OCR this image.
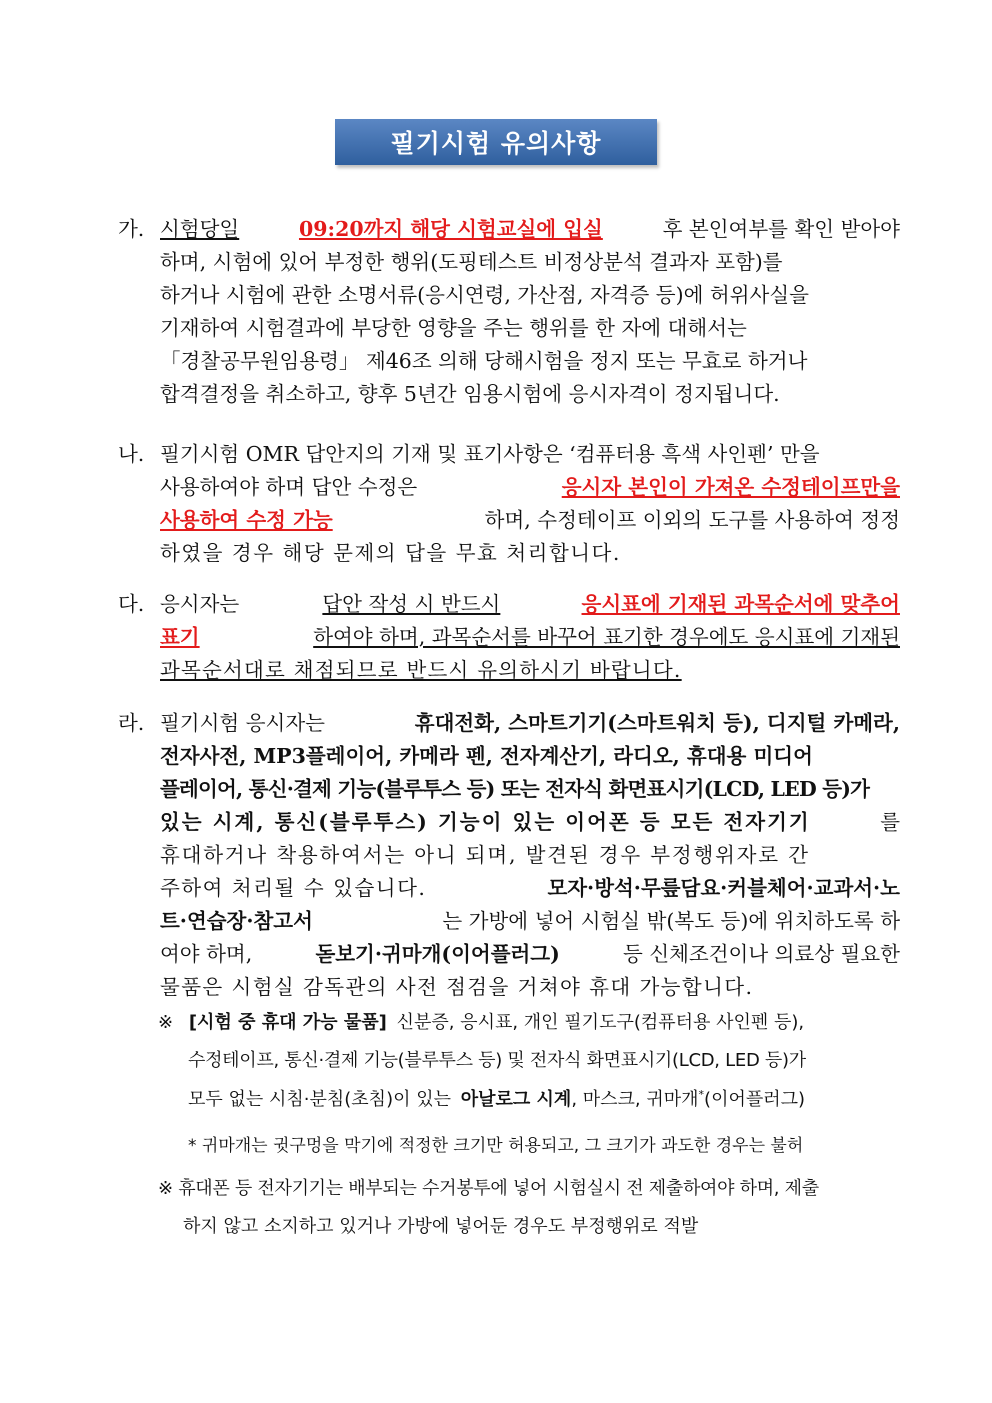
필기시험 유의사항
가. 시험당일	09:20까지 해당 시험교실에 입실	후 본인여부를 확인 받아야
하며, 시험에 있어 부정한 행위(도핑테스트 비정상분석 결과자 포함)를
하거나 시험에 관한 소명서류(응시연령, 가산점, 자격증 등)에 허위사실을
기재하여 시험결과에 부당한 영향을 주는 행위를 한 자에 대해서는
「경찰공무원임용령」 제46조 의해 당해시험을 정지 또는 무효로 하거나
합격결정을 취소하고, 향후 5년간 임용시험에 응시자격이 정지됩니다.
나. 필기시험 OMR 답안지의 기재 및 표기사항은 ‘컴퓨터용 흑색 사인펜’ 만을
사용하여야 하며 답안 수정은	응시자 본인이 가져온 수정테이프만을
사용하여 수정 가능	하며, 수정테이프 이외의 도구를 사용하여 정정
하였을 경우 해당 문제의 답을 무효 처리합니다.
다. 응시자는	답안 작성 시 반드시	응시표에 기재된 과목순서에 맞추어
표기	하여야 하며, 과목순서를 바꾸어 표기한 경우에도 응시표에 기재된
과목순서대로 채점되므로 반드시 유의하시기 바랍니다.
라. 필기시험 응시자는	휴대전화, 스마트기기(스마트워치 등), 디지털 카메라,
전자사전, MP3플레이어, 카메라 펜, 전자계산기, 라디오, 휴대용 미디어
플레이어, 통신·결제 기능(블루투스 등) 또는 전자식 화면표시기(LCD, LED 등)가
있는 시계, 통신(블루투스) 기능이 있는 이어폰 등 모든 전자기기	를
휴대하거나 착용하여서는 아니 되며, 발견된 경우 부정행위자로 간
주하여 처리될 수 있습니다.	모자·방석·무릎담요·커블체어·교과서·노
트·연습장·참고서	는 가방에 넣어 시험실 밖(복도 등)에 위치하도록 하
여야 하며,	돋보기·귀마개(이어플러그)	등 신체조건이나 의료상 필요한
물품은 시험실 감독관의 사전 점검을 거쳐야 휴대 가능합니다.
※ [시험 중 휴대 가능 물품] 신분증, 응시표, 개인 필기도구(컴퓨터용 사인펜 등),
수정테이프, 통신·결제 기능(블루투스 등) 및 전자식 화면표시기(LCD, LED 등)가
모두 없는 시침·분침(초침)이 있는 아날로그 시계, 마스크, 귀마개*(이어플러그)
* 귀마개는 귓구멍을 막기에 적정한 크기만 허용되고, 그 크기가 과도한 경우는 불허
※ 휴대폰 등 전자기기는 배부되는 수거봉투에 넣어 시험실시 전 제출하여야 하며, 제출
하지 않고 소지하고 있거나 가방에 넣어둔 경우도 부정행위로 적발
